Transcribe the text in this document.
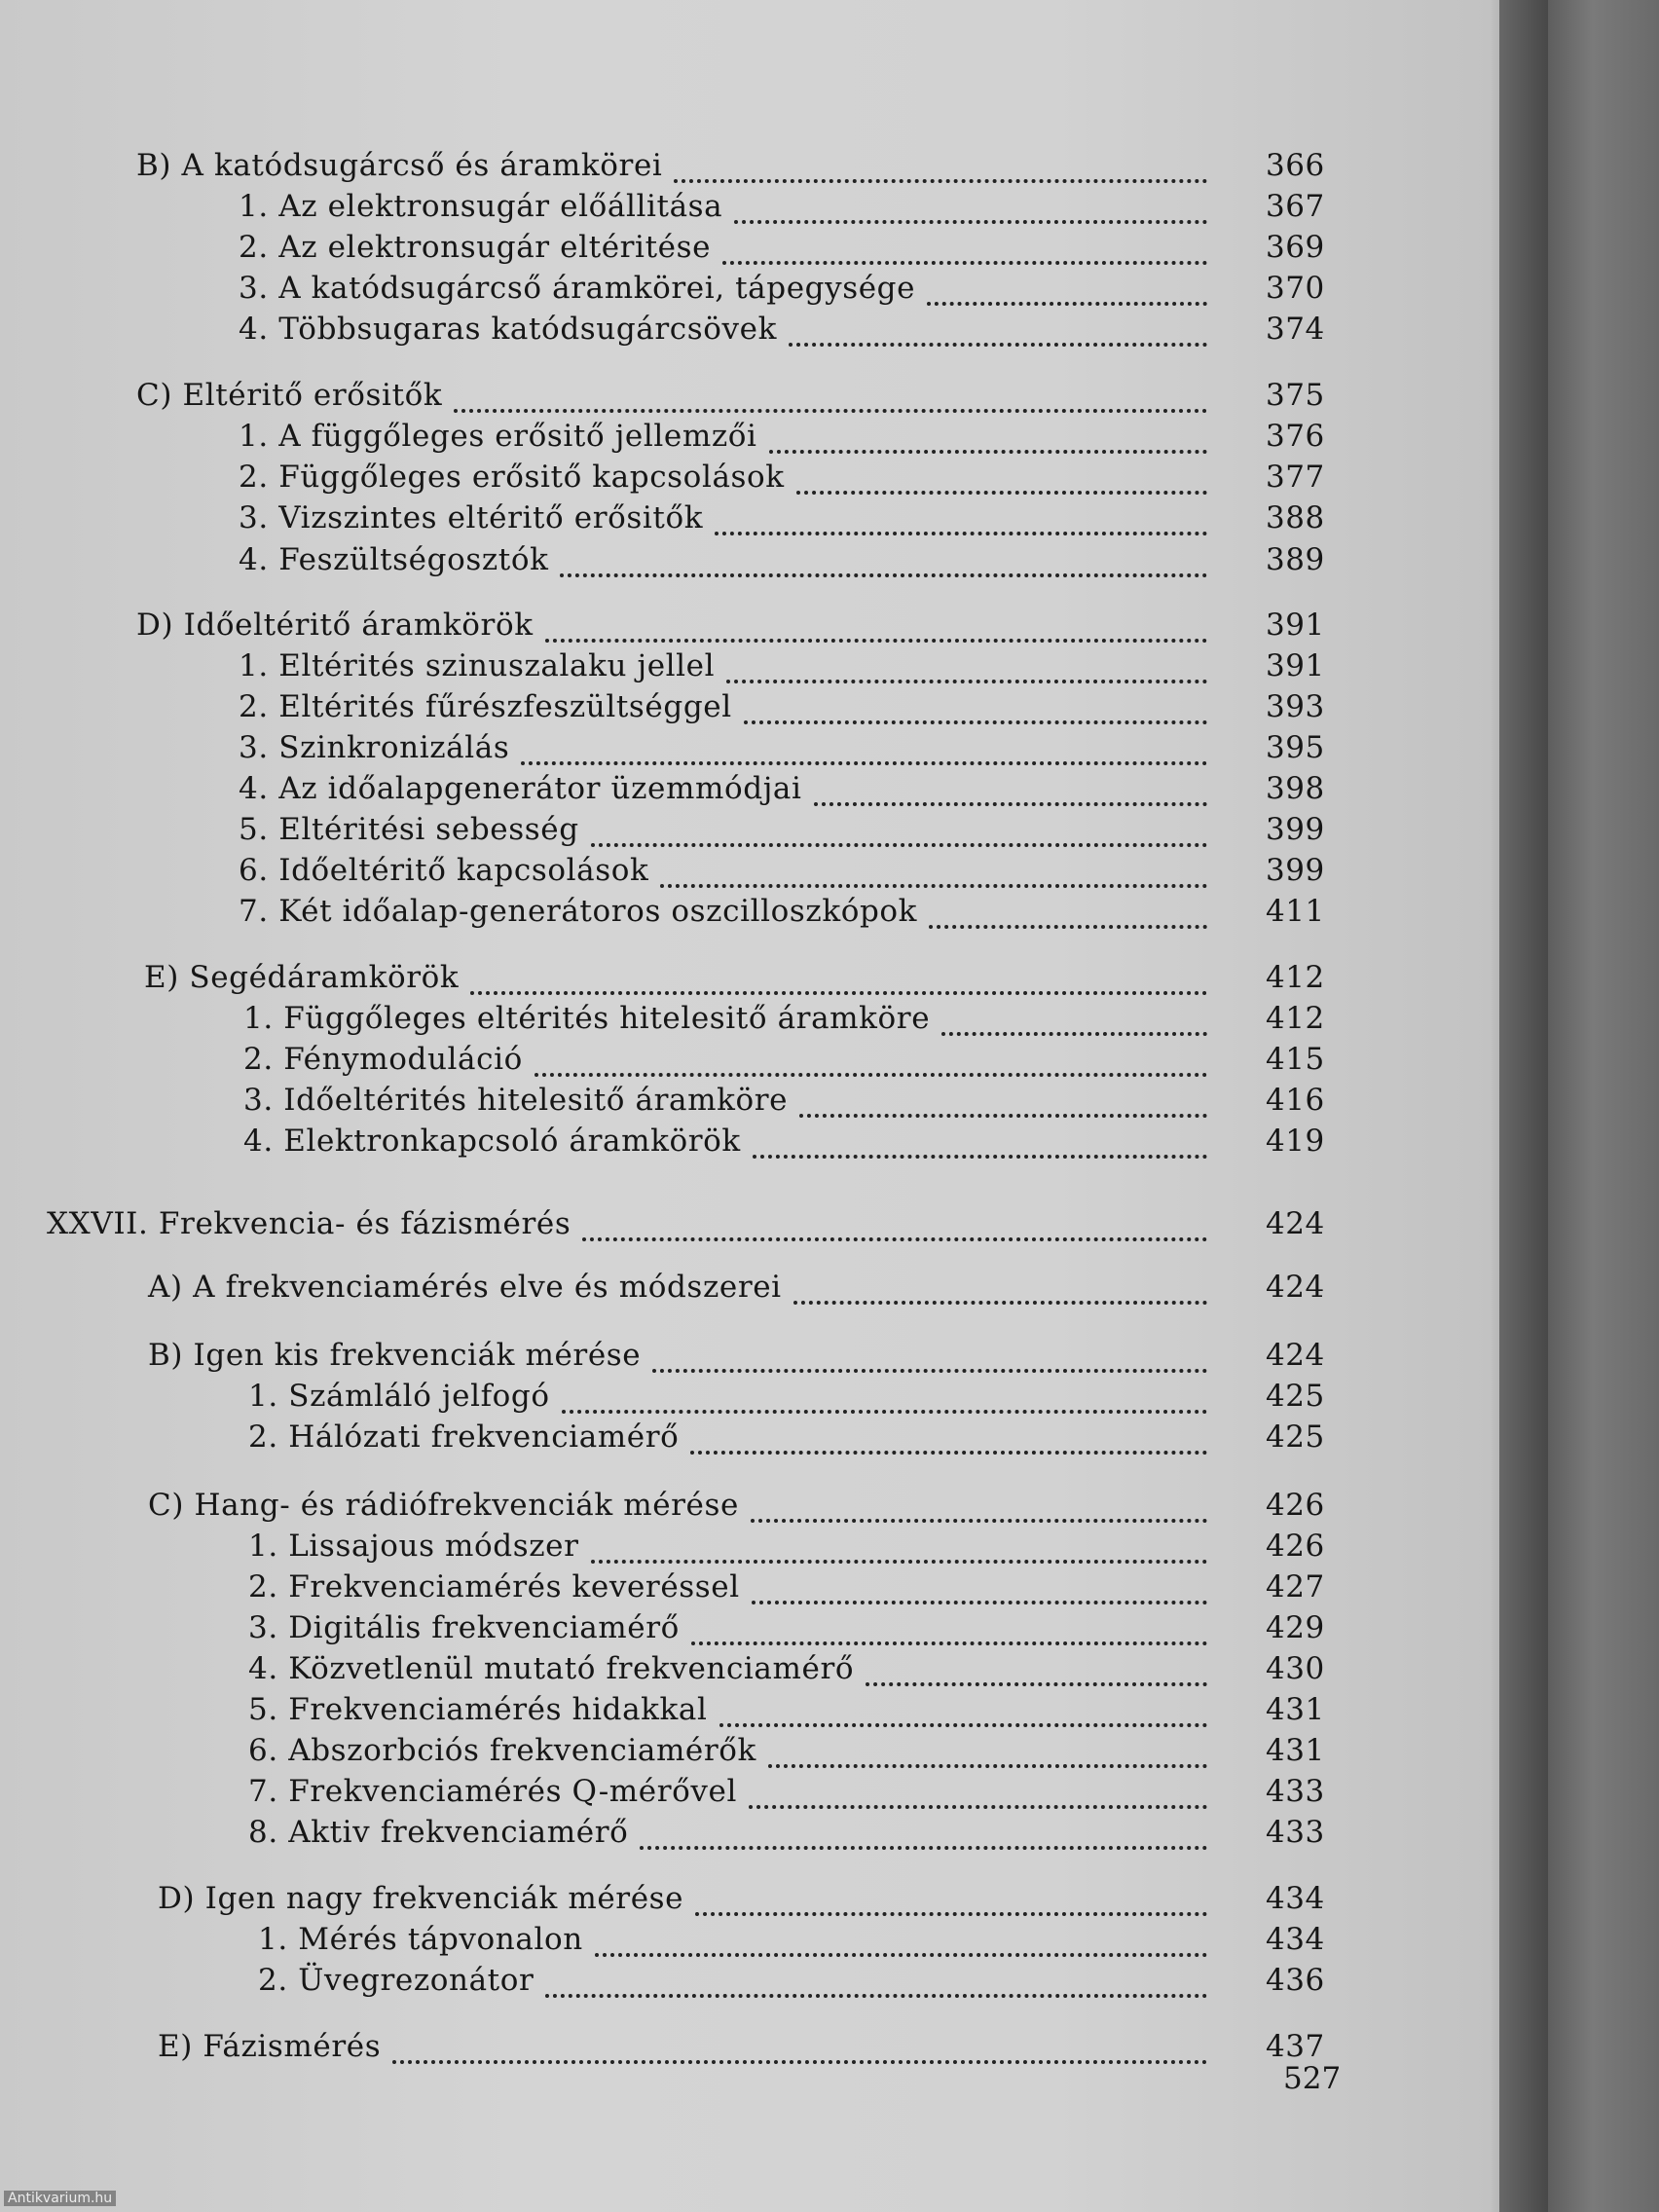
B) A katódsugárcső és áramkörei	366
1. Az elektronsugár előállitása	367
2. Az elektronsugár eltéritése	369
3. A katódsugárcső áramkörei, tápegysége	370
4. Többsugaras katódsugárcsövek	374
C) Eltéritő erősitők	375
1. A függőleges erősitő jellemzői	376
2. Függőleges erősitő kapcsolások	377
3. Vizszintes eltéritő erősitők	388
4. Feszültségosztók	389
D) Időeltéritő áramkörök	391
1. Eltérités szinuszalaku jellel	391
2. Eltérités fűrészfeszültséggel	393
3. Szinkronizálás	395
4. Az időalapgenerátor üzemmódjai	398
5. Eltéritési sebesség	399
6. Időeltéritő kapcsolások	399
7. Két időalap-generátoros oszcilloszkópok	411
E) Segédáramkörök	412
1. Függőleges eltérités hitelesitő áramköre	412
2. Fénymoduláció	415
3. Időeltérités hitelesitő áramköre	416
4. Elektronkapcsoló áramkörök	419
XXVII. Frekvencia- és fázismérés	424
A) A frekvenciamérés elve és módszerei	424
B) Igen kis frekvenciák mérése	424
1. Számláló jelfogó	425
2. Hálózati frekvenciamérő	425
C) Hang- és rádiófrekvenciák mérése	426
1. Lissajous módszer	426
2. Frekvenciamérés keveréssel	427
3. Digitális frekvenciamérő	429
4. Közvetlenül mutató frekvenciamérő	430
5. Frekvenciamérés hidakkal	431
6. Abszorbciós frekvenciamérők	431
7. Frekvenciamérés Q-mérővel	433
8. Aktiv frekvenciamérő	433
D) Igen nagy frekvenciák mérése	434
1. Mérés tápvonalon	434
2. Üvegrezonátor	436
E) Fázismérés	437
527
Antikvarium.hu
